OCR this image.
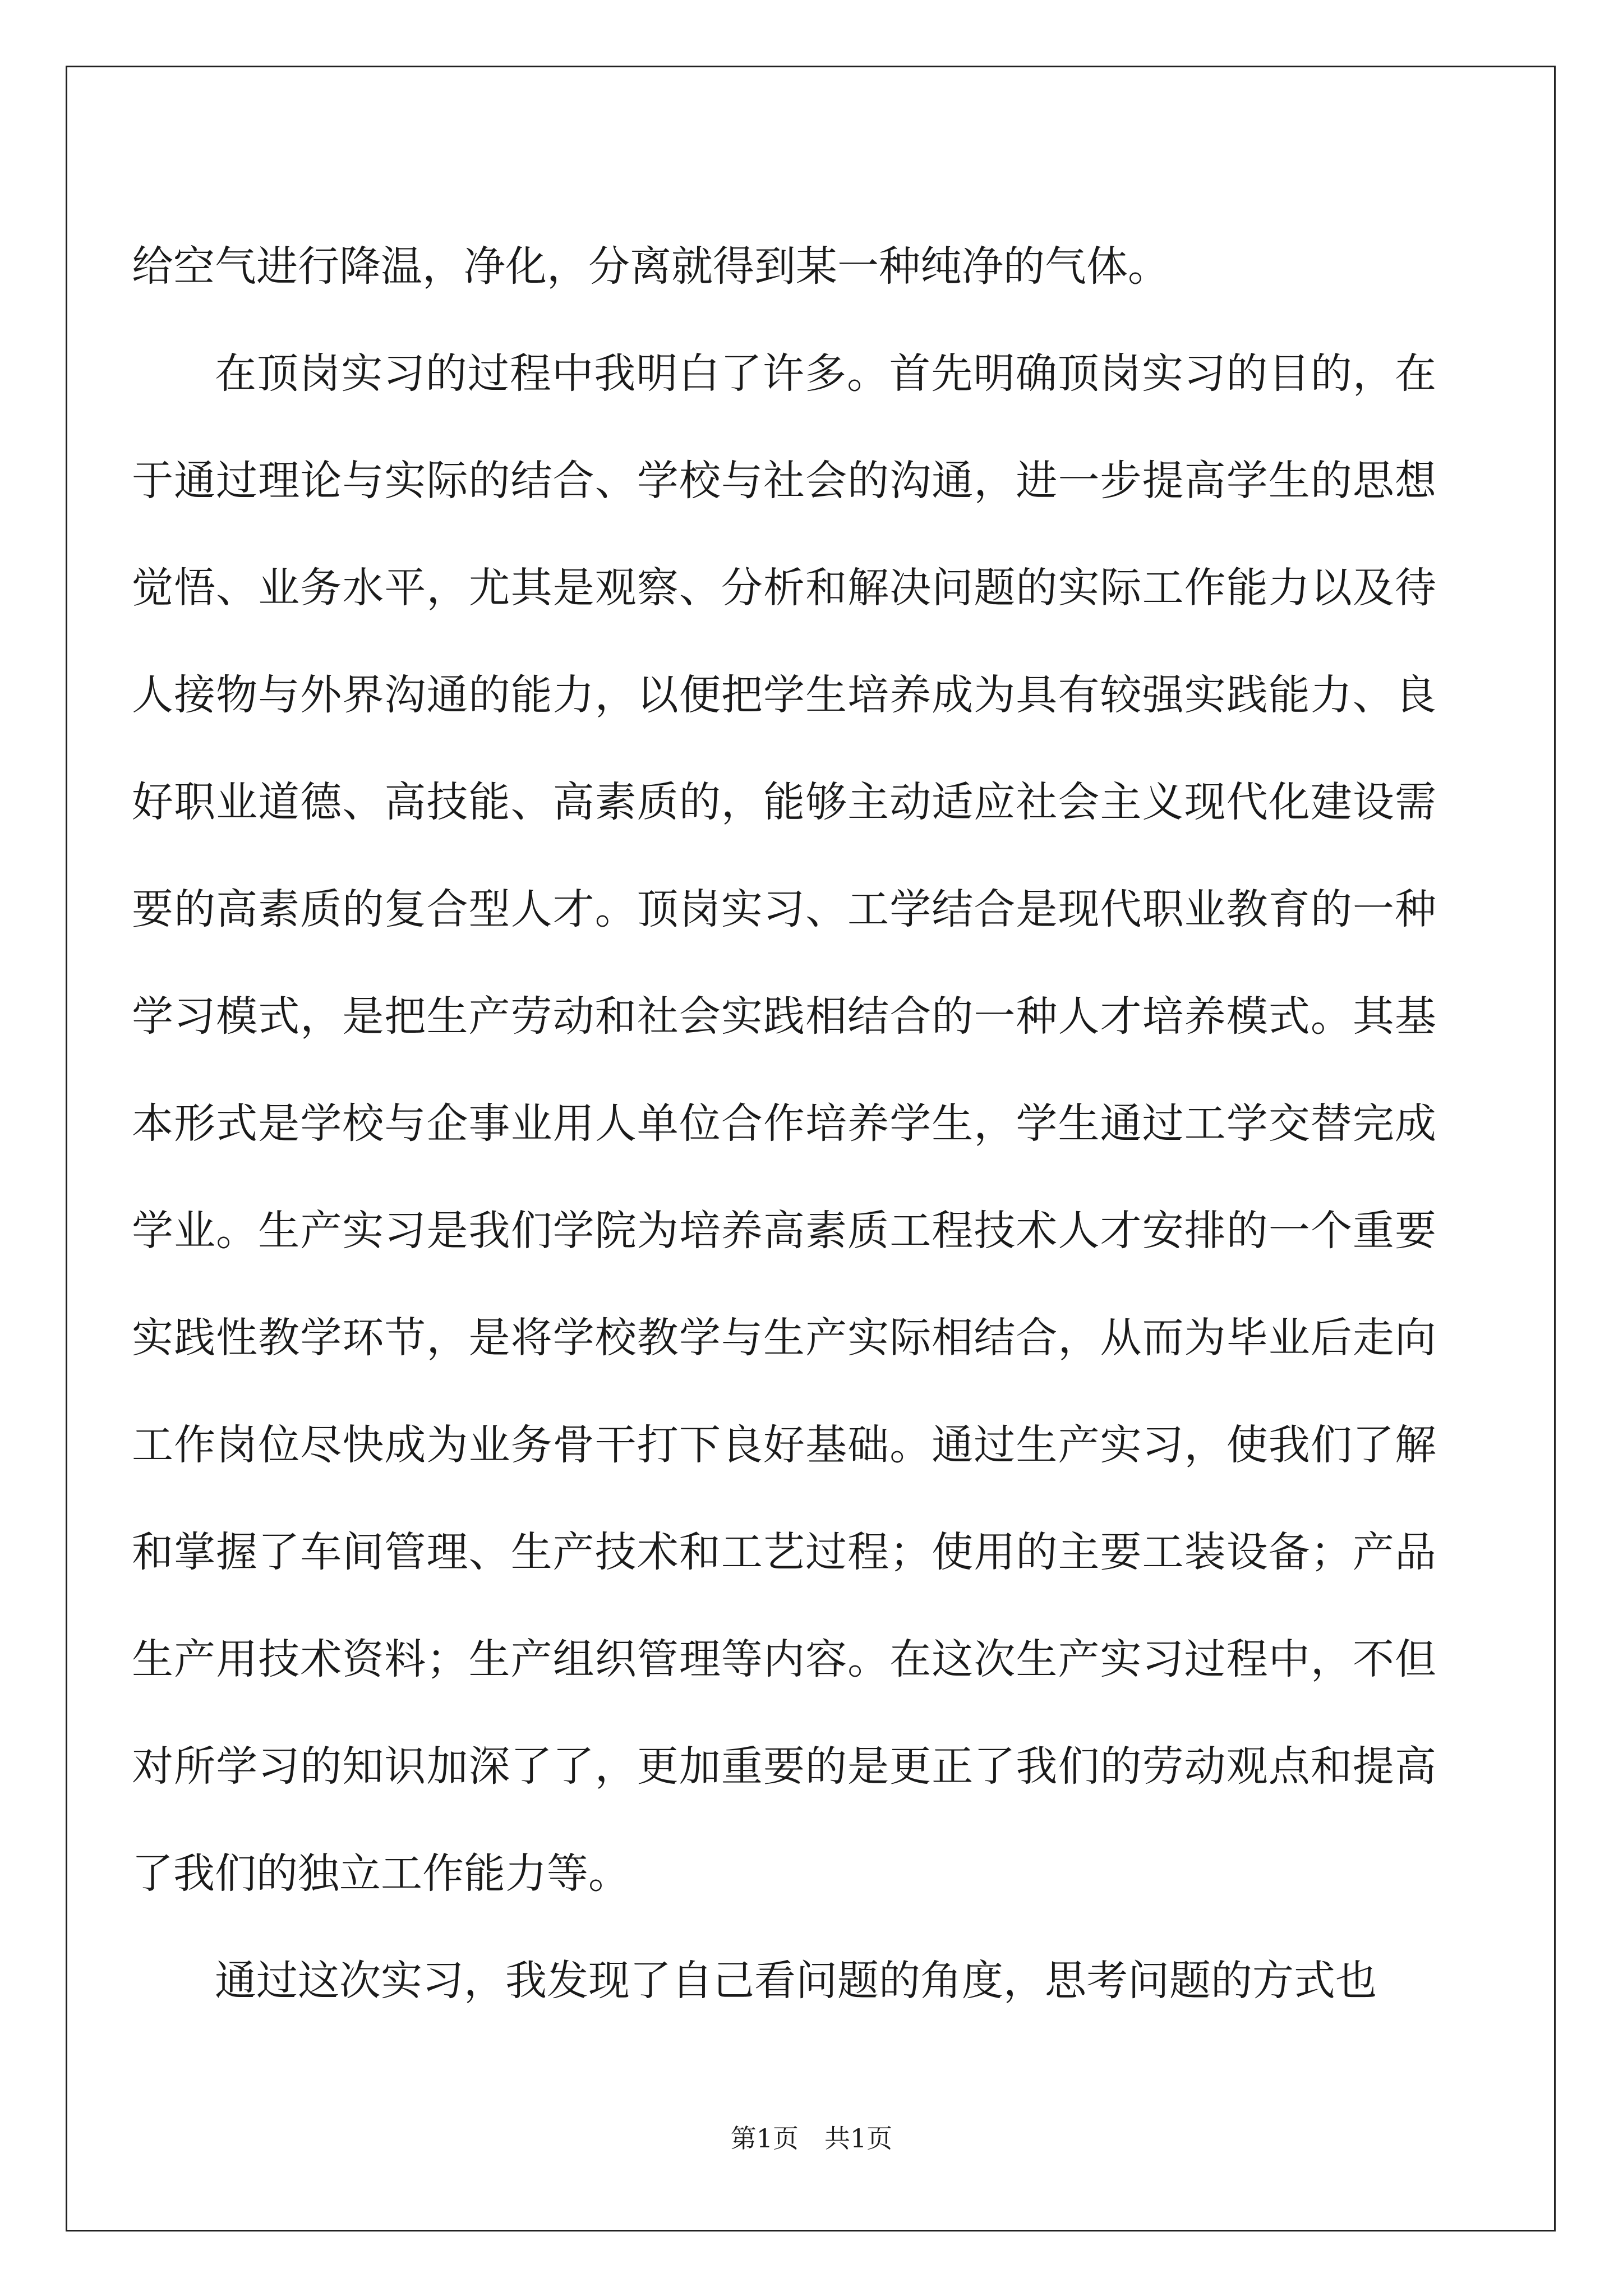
给空气进行降温，净化，分离就得到某一种纯净的气体。

在顶岗实习的过程中我明白了许多。首先明确顶岗实习的目的，在于通过理论与实际的结合、学校与社会的沟通，进一步提高学生的思想觉悟、业务水平，尤其是观察、分析和解决问题的实际工作能力以及待人接物与外界沟通的能力，以便把学生培养成为具有较强实践能力、良好职业道德、高技能、高素质的，能够主动适应社会主义现代化建设需要的高素质的复合型人才。顶岗实习、工学结合是现代职业教育的一种学习模式，是把生产劳动和社会实践相结合的一种人才培养模式。其基本形式是学校与企事业用人单位合作培养学生，学生通过工学交替完成学业。生产实习是我们学院为培养高素质工程技术人才安排的一个重要实践性教学环节，是将学校教学与生产实际相结合，从而为毕业后走向工作岗位尽快成为业务骨干打下良好基础。通过生产实习，使我们了解和掌握了车间管理、生产技术和工艺过程；使用的主要工装设备；产品生产用技术资料；生产组织管理等内容。在这次生产实习过程中，不但对所学习的知识加深了了，更加重要的是更正了我们的劳动观点和提高了我们的独立工作能力等。

通过这次实习，我发现了自己看问题的角度，思考问题的方式也

第1页　共1页
